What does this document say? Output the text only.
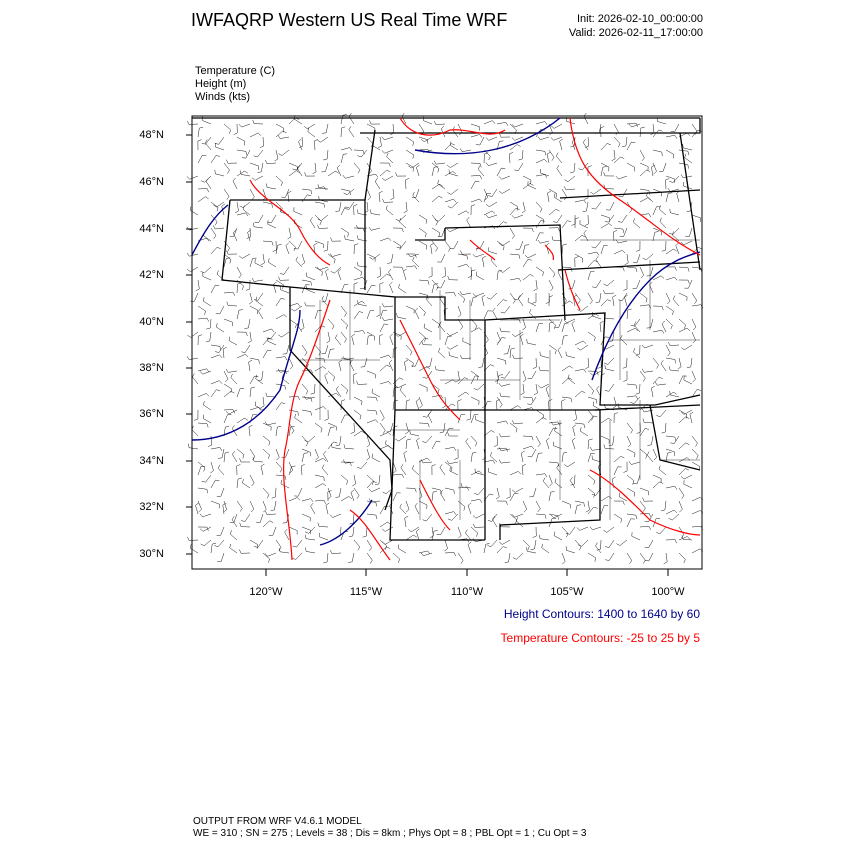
IWFAQRP Western US Real Time WRF	Init: 2026-02-10_00:00:00
Valid: 2026-02-11_17:00:00
Temperature (C)
Height (m)
Winds (kts)
48°N
46°N
44°N
42°N
40°N
38°N
36°N
34°N
32°N
30°N
120°W	115°W	110°W	105°W	100°W
Height Contours: 1400 to 1640 by 60
Temperature Contours: -25 to 25 by 5
OUTPUT FROM WRF V4.6.1 MODEL
WE = 310 ; SN = 275 ; Levels = 38 ; Dis = 8km ; Phys Opt = 8 ; PBL Opt = 1 ; Cu Opt = 3
